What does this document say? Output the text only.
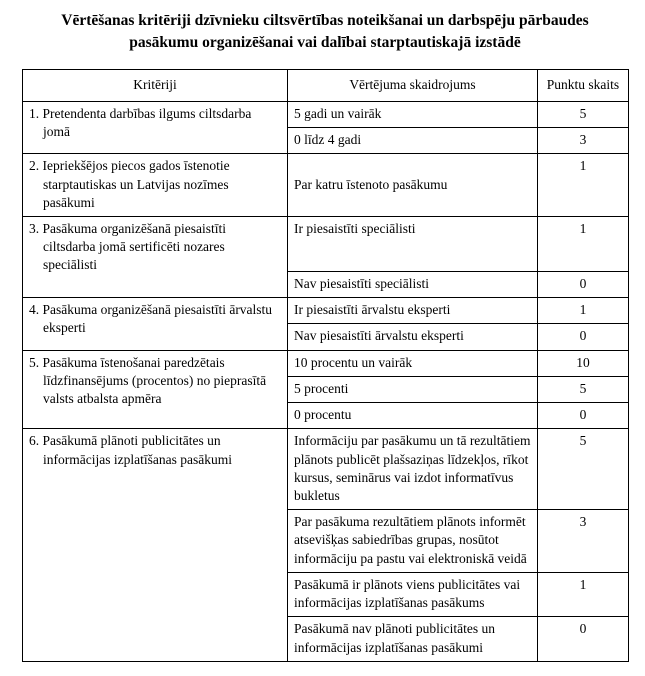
Vērtēšanas kritēriji dzīvnieku ciltsvērtības noteikšanai un darbspēju pārbaudes pasākumu organizēšanai vai dalībai starptautiskajā izstādē
Kritēriji	Vērtējuma skaidrojums	Punktu skaits

1. Pretendenta darbības ilgums ciltsdarba jomā	5 gadi un vairāk	5
	0 līdz 4 gadi	3

2. Iepriekšējos piecos gados īstenotie starptautiskas un Latvijas nozīmes pasākumi	Par katru īstenoto pasākumu	1

3. Pasākuma organizēšanā piesaistīti ciltsdarba jomā sertificēti nozares speciālisti	Ir piesaistīti speciālisti	1
	Nav piesaistīti speciālisti	0

4. Pasākuma organizēšanā piesaistīti ārvalstu eksperti	Ir piesaistīti ārvalstu eksperti	1
	Nav piesaistīti ārvalstu eksperti	0

5. Pasākuma īstenošanai paredzētais līdzfinansējums (procentos) no pieprasītā valsts atbalsta apmēra	10 procentu un vairāk	10
	5 procenti	5
	0 procentu	0

6. Pasākumā plānoti publicitātes un informācijas izplatīšanas pasākumi	Informāciju par pasākumu un tā rezultātiem plānots publicēt plašsaziņas līdzekļos, rīkot kursus, seminārus vai izdot informatīvus bukletus	5
	Par pasākuma rezultātiem plānots informēt atsevišķas sabiedrības grupas, nosūtot informāciju pa pastu vai elektroniskā veidā	3
	Pasākumā ir plānots viens publicitātes vai informācijas izplatīšanas pasākums	1
	Pasākumā nav plānoti publicitātes un informācijas izplatīšanas pasākumi	0
